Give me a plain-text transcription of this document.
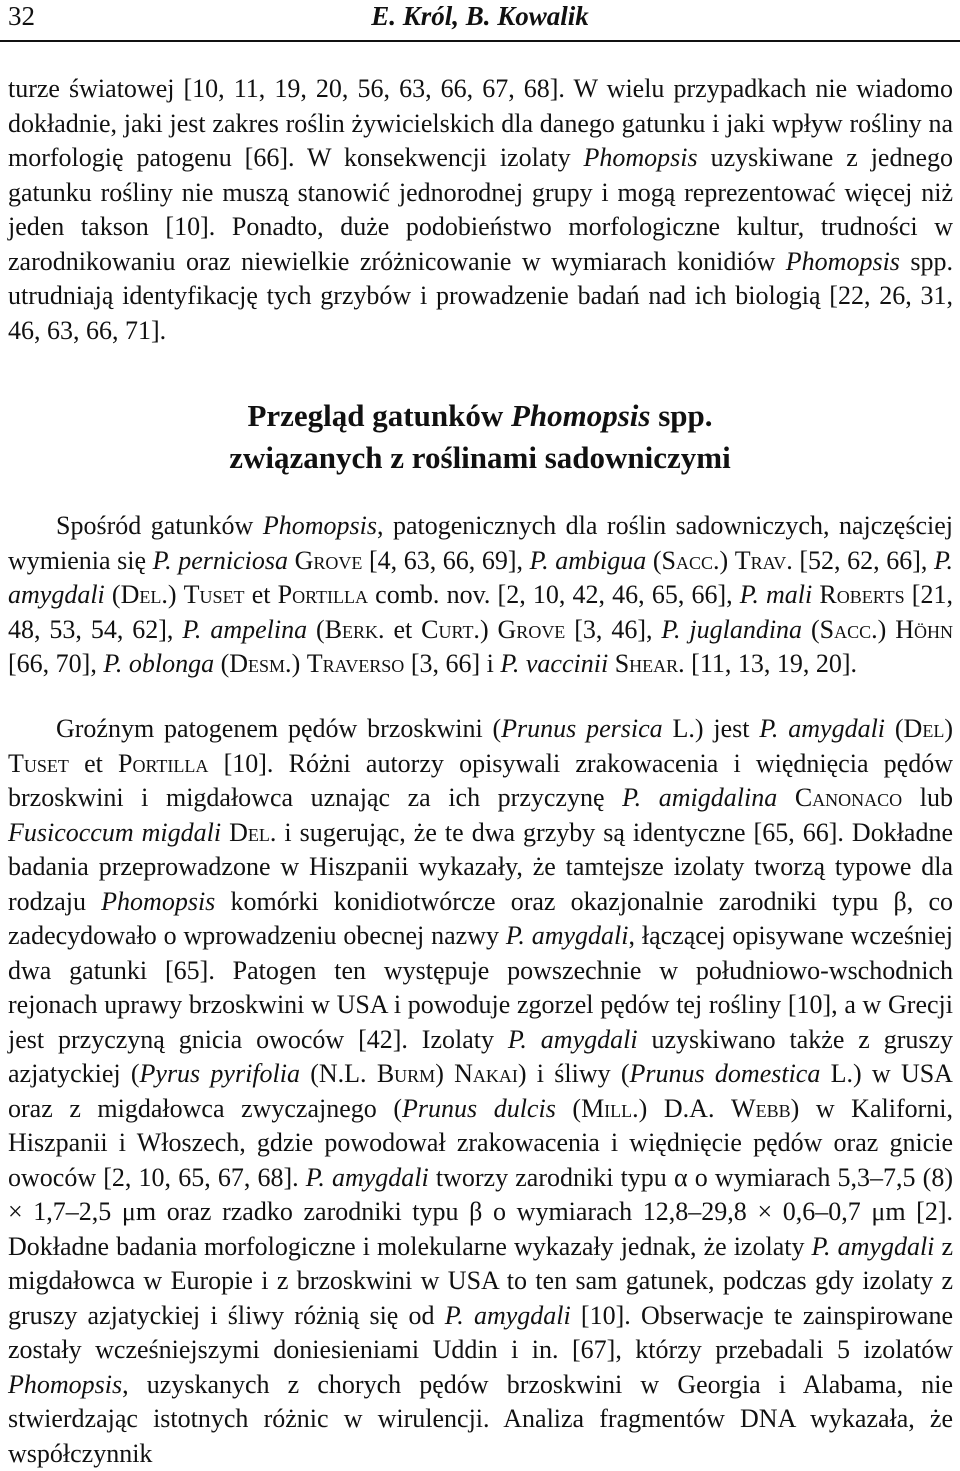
32	E. Król, B. Kowalik

turze światowej [10, 11, 19, 20, 56, 63, 66, 67, 68]. W wielu przypadkach nie wiadomo dokładnie, jaki jest zakres roślin żywicielskich dla danego gatunku i jaki wpływ rośliny na morfologię patogenu [66]. W konsekwencji izolaty Phomopsis uzyskiwane z jednego gatunku rośliny nie muszą stanowić jednorodnej grupy i mogą reprezentować więcej niż jeden takson [10]. Ponadto, duże podobieństwo morfologiczne kultur, trudności w zarodnikowaniu oraz niewielkie zróżnicowanie w wymiarach konidiów Phomopsis spp. utrudniają identyfikację tych grzybów i prowadzenie badań nad ich biologią [22, 26, 31, 46, 63, 66, 71].

Przegląd gatunków Phomopsis spp.
związanych z roślinami sadowniczymi

Spośród gatunków Phomopsis, patogenicznych dla roślin sadowniczych, najczęściej wymienia się P. perniciosa Grove [4, 63, 66, 69], P. ambigua (Sacc.) Trav. [52, 62, 66], P. amygdali (Del.) Tuset et Portilla comb. nov. [2, 10, 42, 46, 65, 66], P. mali Roberts [21, 48, 53, 54, 62], P. ampelina (Berk. et Curt.) Grove [3, 46], P. juglandina (Sacc.) Höhn [66, 70], P. oblonga (Desm.) Traverso [3, 66] i P. vaccinii Shear. [11, 13, 19, 20].

Groźnym patogenem pędów brzoskwini (Prunus persica L.) jest P. amygdali (Del) Tuset et Portilla [10]. Różni autorzy opisywali zrakowacenia i więdnięcia pędów brzoskwini i migdałowca uznając za ich przyczynę P. amigdalina Canonaco lub Fusicoccum migdali Del. i sugerując, że te dwa grzyby są identyczne [65, 66]. Dokładne badania przeprowadzone w Hiszpanii wykazały, że tamtejsze izolaty tworzą typowe dla rodzaju Phomopsis komórki konidiotwórcze oraz okazjonalnie zarodniki typu β, co zadecydowało o wprowadzeniu obecnej nazwy P. amygdali, łączącej opisywane wcześniej dwa gatunki [65]. Patogen ten występuje powszechnie w południowo-wschodnich rejonach uprawy brzoskwini w USA i powoduje zgorzel pędów tej rośliny [10], a w Grecji jest przyczyną gnicia owoców [42]. Izolaty P. amygdali uzyskiwano także z gruszy azjatyckiej (Pyrus pyrifolia (N.L. Burm) Nakai) i śliwy (Prunus domestica L.) w USA oraz z migdałowca zwyczajnego (Prunus dulcis (Mill.) D.A. Webb) w Kaliforni, Hiszpanii i Włoszech, gdzie powodował zrakowacenia i więdnięcie pędów oraz gnicie owoców [2, 10, 65, 67, 68]. P. amygdali tworzy zarodniki typu α o wymiarach 5,3–7,5 (8) × 1,7–2,5 μm oraz rzadko zarodniki typu β o wymiarach 12,8–29,8 × 0,6–0,7 μm [2]. Dokładne badania morfologiczne i molekularne wykazały jednak, że izolaty P. amygdali z migdałowca w Europie i z brzoskwini w USA to ten sam gatunek, podczas gdy izolaty z gruszy azjatyckiej i śliwy różnią się od P. amygdali [10]. Obserwacje te zainspirowane zostały wcześniejszymi doniesieniami Uddin i in. [67], którzy przebadali 5 izolatów Phomopsis, uzyskanych z chorych pędów brzoskwini w Georgia i Alabama, nie stwierdzając istotnych różnic w wirulencji. Analiza fragmentów DNA wykazała, że współczynnik
